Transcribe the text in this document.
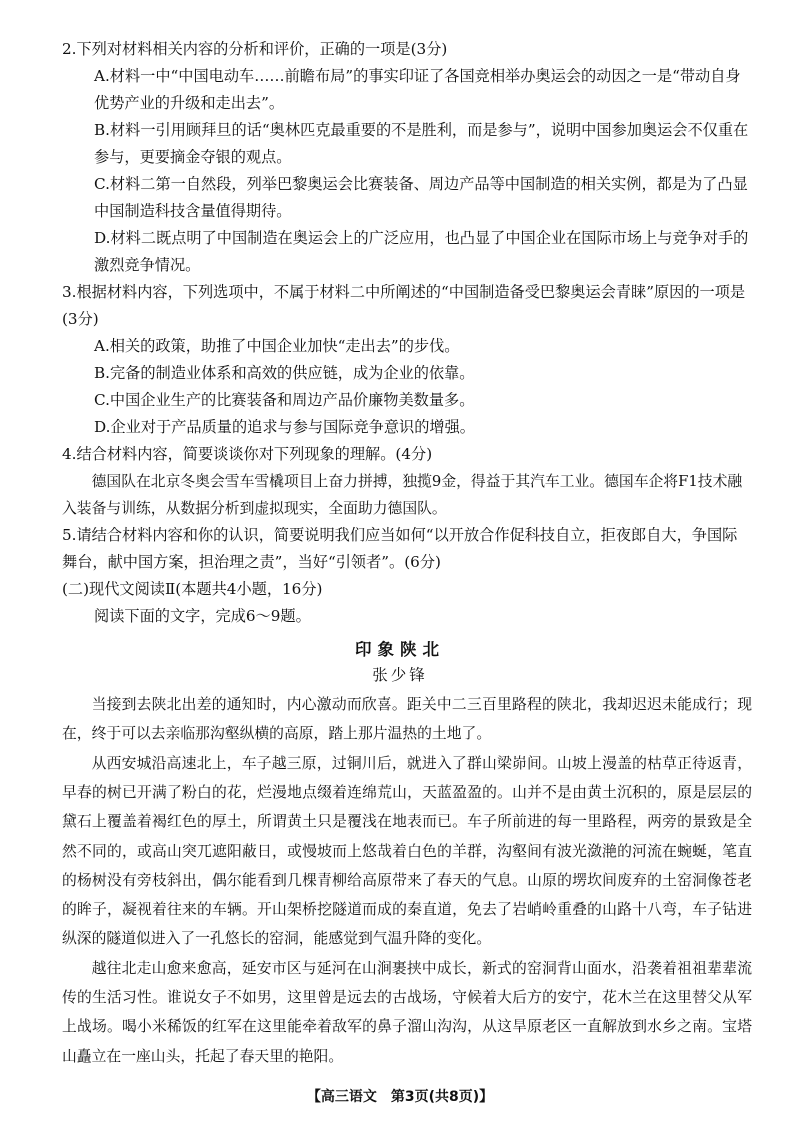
2.下列对材料相关内容的分析和评价，正确的一项是(3分)
A.材料一中“中国电动车……前瞻布局”的事实印证了各国竞相举办奥运会的动因之一是“带动自身优势产业的升级和走出去”。
B.材料一引用顾拜旦的话“奥林匹克最重要的不是胜利，而是参与”，说明中国参加奥运会不仅重在参与，更要摘金夺银的观点。
C.材料二第一自然段，列举巴黎奥运会比赛装备、周边产品等中国制造的相关实例，都是为了凸显中国制造科技含量值得期待。
D.材料二既点明了中国制造在奥运会上的广泛应用，也凸显了中国企业在国际市场上与竞争对手的激烈竞争情况。
3.根据材料内容，下列选项中，不属于材料二中所阐述的“中国制造备受巴黎奥运会青睐”原因的一项是(3分)
A.相关的政策，助推了中国企业加快“走出去”的步伐。
B.完备的制造业体系和高效的供应链，成为企业的依靠。
C.中国企业生产的比赛装备和周边产品价廉物美数量多。
D.企业对于产品质量的追求与参与国际竞争意识的增强。
4.结合材料内容，简要谈谈你对下列现象的理解。(4分)
德国队在北京冬奥会雪车雪橇项目上奋力拼搏，独揽9金，得益于其汽车工业。德国车企将F1技术融入装备与训练，从数据分析到虚拟现实，全面助力德国队。
5.请结合材料内容和你的认识，简要说明我们应当如何“以开放合作促科技自立，拒夜郎自大，争国际舞台，献中国方案，担治理之责”，当好“引领者”。(6分)
(二)现代文阅读Ⅱ(本题共4小题，16分)
阅读下面的文字，完成6～9题。
印象陕北
张少锋
当接到去陕北出差的通知时，内心激动而欣喜。距关中二三百里路程的陕北，我却迟迟未能成行；现在，终于可以去亲临那沟壑纵横的高原，踏上那片温热的土地了。
从西安城沿高速北上，车子越三原，过铜川后，就进入了群山梁峁间。山坡上漫盖的枯草正待返青，早春的树已开满了粉白的花，烂漫地点缀着连绵荒山，天蓝盈盈的。山并不是由黄土沉积的，原是层层的黛石上覆盖着褐红色的厚土，所谓黄土只是覆浅在地表而已。车子所前进的每一里路程，两旁的景致是全然不同的，或高山突兀遮阳蔽日，或慢坡而上悠哉着白色的羊群，沟壑间有波光潋滟的河流在蜿蜒，笔直的杨树没有旁枝斜出，偶尔能看到几棵青柳给高原带来了春天的气息。山原的塄坎间废弃的土窑洞像苍老的眸子，凝视着往来的车辆。开山架桥挖隧道而成的秦直道，免去了岩峭岭重叠的山路十八弯，车子钻进纵深的隧道似进入了一孔悠长的窑洞，能感觉到气温升降的变化。
越往北走山愈来愈高，延安市区与延河在山涧裹挟中成长，新式的窑洞背山面水，沿袭着祖祖辈辈流传的生活习性。谁说女子不如男，这里曾是远去的古战场，守候着大后方的安宁，花木兰在这里替父从军上战场。喝小米稀饭的红军在这里能牵着敌军的鼻子溜山沟沟，从这旱原老区一直解放到水乡之南。宝塔山矗立在一座山头，托起了春天里的艳阳。
【高三语文　第3页(共8页)】
